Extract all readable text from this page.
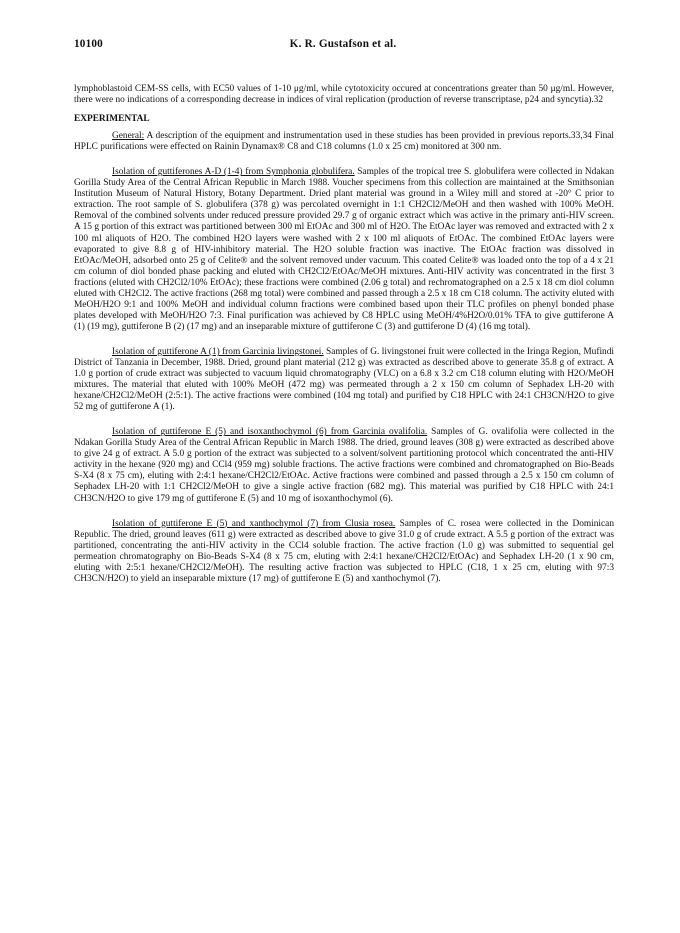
10100	K. R. Gustafson et al.

lymphoblastoid CEM-SS cells, with EC50 values of 1-10 μg/ml, while cytotoxicity occured at concentrations greater than 50 μg/ml. However, there were no indications of a corresponding decrease in indices of viral replication (production of reverse transcriptase, p24 and syncytia).32

EXPERIMENTAL

General: A description of the equipment and instrumentation used in these studies has been provided in previous reports.33,34 Final HPLC purifications were effected on Rainin Dynamax® C8 and C18 columns (1.0 x 25 cm) monitored at 300 nm.

Isolation of guttiferones A-D (1-4) from Symphonia globulifera. Samples of the tropical tree S. globulifera were collected in Ndakan Gorilla Study Area of the Central African Republic in March 1988. Voucher specimens from this collection are maintained at the Smithsonian Institution Museum of Natural History, Botany Department. Dried plant material was ground in a Wiley mill and stored at -20° C prior to extraction. The root sample of S. globulifera (378 g) was percolated overnight in 1:1 CH2Cl2/MeOH and then washed with 100% MeOH. Removal of the combined solvents under reduced pressure provided 29.7 g of organic extract which was active in the primary anti-HIV screen. A 15 g portion of this extract was partitioned between 300 ml EtOAc and 300 ml of H2O. The EtOAc layer was removed and extracted with 2 x 100 ml aliquots of H2O. The combined H2O layers were washed with 2 x 100 ml aliquots of EtOAc. The combined EtOAc layers were evaporated to give 8.8 g of HIV-inhibitory material. The H2O soluble fraction was inactive. The EtOAc fraction was dissolved in EtOAc/MeOH, adsorbed onto 25 g of Celite® and the solvent removed under vacuum. This coated Celite® was loaded onto the top of a 4 x 21 cm column of diol bonded phase packing and eluted with CH2Cl2/EtOAc/MeOH mixtures. Anti-HIV activity was concentrated in the first 3 fractions (eluted with CH2Cl2/10% EtOAc); these fractions were combined (2.06 g total) and rechromatographed on a 2.5 x 18 cm diol column eluted with CH2Cl2. The active fractions (268 mg total) were combined and passed through a 2.5 x 18 cm C18 column. The activity eluted with MeOH/H2O 9:1 and 100% MeOH and individual column fractions were combined based upon their TLC profiles on phenyl bonded phase plates developed with MeOH/H2O 7:3. Final purification was achieved by C8 HPLC using MeOH/4%H2O/0.01% TFA to give guttiferone A (1) (19 mg), guttiferone B (2) (17 mg) and an inseparable mixture of guttiferone C (3) and guttiferone D (4) (16 mg total).

Isolation of guttiferone A (1) from Garcinia livingstonei. Samples of G. livingstonei fruit were collected in the Iringa Region, Mufindi District of Tanzania in December, 1988. Dried, ground plant material (212 g) was extracted as described above to generate 35.8 g of extract. A 1.0 g portion of crude extract was subjected to vacuum liquid chromatography (VLC) on a 6.8 x 3.2 cm C18 column eluting with H2O/MeOH mixtures. The material that eluted with 100% MeOH (472 mg) was permeated through a 2 x 150 cm column of Sephadex LH-20 with hexane/CH2Cl2/MeOH (2:5:1). The active fractions were combined (104 mg total) and purified by C18 HPLC with 24:1 CH3CN/H2O to give 52 mg of guttiferone A (1).

Isolation of guttiferone E (5) and isoxanthochymol (6) from Garcinia ovalifolia. Samples of G. ovalifolia were collected in the Ndakan Gorilla Study Area of the Central African Republic in March 1988. The dried, ground leaves (308 g) were extracted as described above to give 24 g of extract. A 5.0 g portion of the extract was subjected to a solvent/solvent partitioning protocol which concentrated the anti-HIV activity in the hexane (920 mg) and CCl4 (959 mg) soluble fractions. The active fractions were combined and chromatographed on Bio-Beads S-X4 (8 x 75 cm), eluting with 2:4:1 hexane/CH2Cl2/EtOAc. Active fractions were combined and passed through a 2.5 x 150 cm column of Sephadex LH-20 with 1:1 CH2Cl2/MeOH to give a single active fraction (682 mg). This material was purified by C18 HPLC with 24:1 CH3CN/H2O to give 179 mg of guttiferone E (5) and 10 mg of isoxanthochymol (6).

Isolation of guttiferone E (5) and xanthochymol (7) from Clusia rosea. Samples of C. rosea were collected in the Dominican Republic. The dried, ground leaves (611 g) were extracted as described above to give 31.0 g of crude extract. A 5.5 g portion of the extract was partitioned, concentrating the anti-HIV activity in the CCl4 soluble fraction. The active fraction (1.0 g) was submitted to sequential gel permeation chromatography on Bio-Beads S-X4 (8 x 75 cm, eluting with 2:4:1 hexane/CH2Cl2/EtOAc) and Sephadex LH-20 (1 x 90 cm, eluting with 2:5:1 hexane/CH2Cl2/MeOH). The resulting active fraction was subjected to HPLC (C18, 1 x 25 cm, eluting with 97:3 CH3CN/H2O) to yield an inseparable mixture (17 mg) of guttiferone E (5) and xanthochymol (7).
